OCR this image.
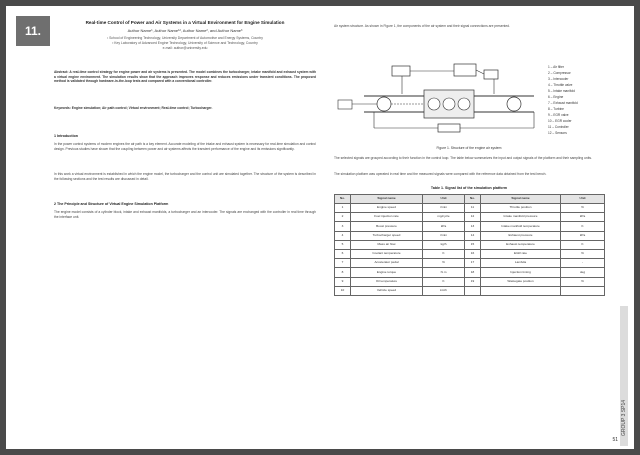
11.
Real-time Control of Power and Air Systems in a Virtual Environment for Engine Simulation
Author Name¹, Author Name¹², Author Name², and Author Name³
¹ School of Engineering Technology, University Department of Automotive and Energy Systems, Country
² Key Laboratory of Advanced Engine Technology, University of Science and Technology, Country
e-mail: author@university.edu
Abstract: A real-time control strategy for engine power and air systems is presented. The model combines the turbocharger, intake manifold and exhaust system with a virtual engine environment. The simulation results show that the approach improves response and reduces emissions under transient conditions. The proposed method is validated through hardware-in-the-loop tests and compared with a conventional controller.
Keywords: Engine simulation; Air path control; Virtual environment; Real-time control; Turbocharger.
1 Introduction
In the power control systems of modern engines the air path is a key element. Accurate modeling of the intake and exhaust system is necessary for real-time simulation and control design. Previous studies have shown that the coupling between power and air systems affects the transient performance of the engine and its emissions significantly.
In this work a virtual environment is established in which the engine model, the turbocharger and the control unit are simulated together. The structure of the system is described in the following sections and the test results are discussed in detail.
2 The Principle and Structure of Virtual Engine Simulation Platform
The engine model consists of a cylinder block, intake and exhaust manifolds, a turbocharger and an intercooler. The signals are exchanged with the controller in real time through the interface unit.
Air system structure. As shown in Figure 1, the components of the air system and their signal connections are presented.
1 – Air filter
2 – Compressor
3 – Intercooler
4 – Throttle valve
5 – Intake manifold
6 – Engine
7 – Exhaust manifold
8 – Turbine
9 – EGR valve
10 – EGR cooler
11 – Controller
12 – Sensors
Figure 1. Structure of the engine air system
The selected signals are grouped according to their function in the control loop. The table below summarizes the input and output signals of the platform and their sampling units.
The simulation platform was operated in real time and the measured signals were compared with the reference data obtained from the test bench.
Table 1. Signal list of the simulation platform
No.	Signal name	Unit	No.	Signal name	Unit
1	Engine speed	r/min	11	Throttle position	%
2	Fuel injection rate	mg/cycle	12	Intake manifold pressure	kPa
3	Boost pressure	kPa	13	Intake manifold temperature	K
4	Turbocharger speed	r/min	14	Exhaust pressure	kPa
5	Mass air flow	kg/h	15	Exhaust temperature	K
6	Coolant temperature	K	16	EGR rate	%
7	Accelerator pedal	%	17	Lambda	-
8	Engine torque	N·m	18	Injection timing	deg
9	Oil temperature	K	19	Wastegate position	%
10	Vehicle speed	km/h			
GROUP 3 SP14
51
